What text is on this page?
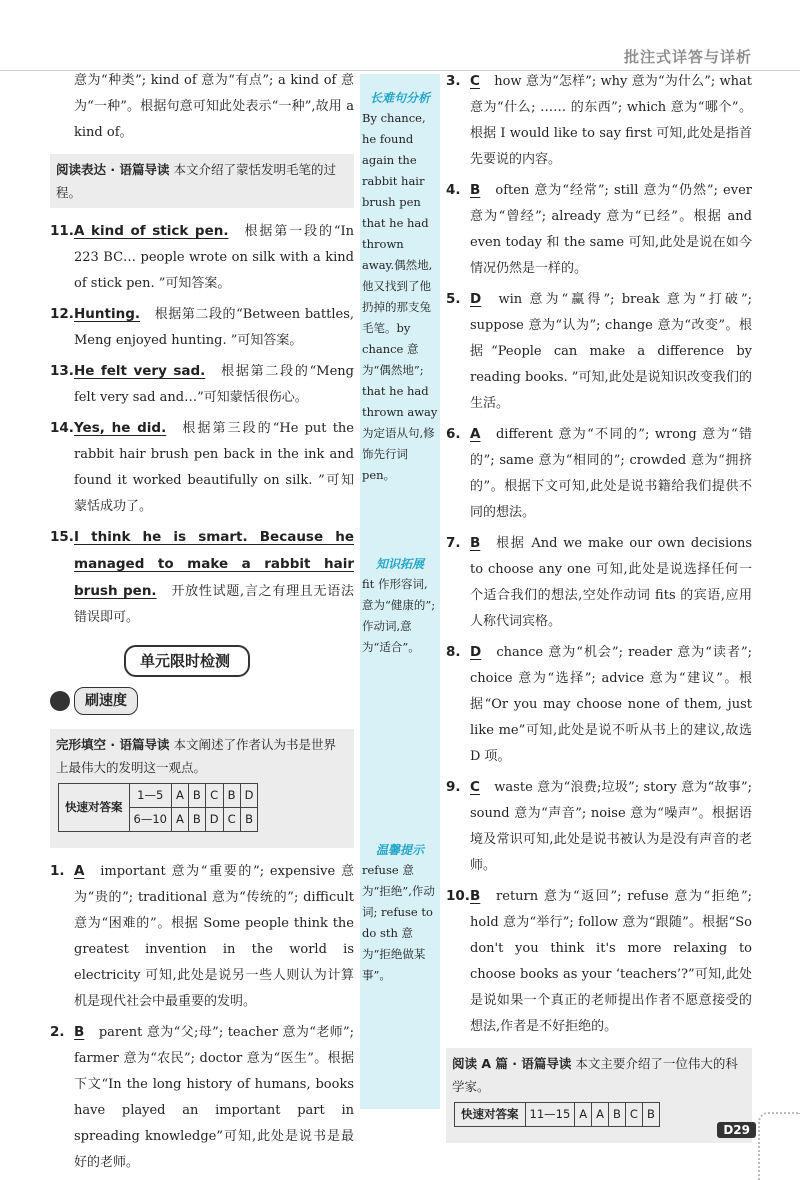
批注式详答与详析

意为“种类”; kind of 意为“有点”; a kind of 意为“一种”。根据句意可知此处表示“一种”,故用 a kind of。

阅读表达 · 语篇导读 本文介绍了蒙恬发明毛笔的过程。
11. A kind of stick pen. 根据第一段的“In 223 BC… people wrote on silk with a kind of stick pen. ”可知答案。
12. Hunting. 根据第二段的“Between battles, Meng enjoyed hunting. ”可知答案。
13. He felt very sad. 根据第二段的“Meng felt very sad and…”可知蒙恬很伤心。
14. Yes, he did. 根据第三段的“He put the rabbit hair brush pen back in the ink and found it worked beautifully on silk. ”可知蒙恬成功了。
15. I think he is smart. Because he managed to make a rabbit hair brush pen. 开放性试题,言之有理且无语法错误即可。
单元限时检测
刷速度
完形填空 · 语篇导读 本文阐述了作者认为书是世界上最伟大的发明这一观点。
快速对答案	1—5	A	B	C	B	D
	6—10	A	B	D	C	B
1. A important 意为“重要的”; expensive 意为“贵的”; traditional 意为“传统的”; difficult 意为“困难的”。根据 Some people think the greatest invention in the world is electricity 可知,此处是说另一些人则认为计算机是现代社会中最重要的发明。
2. B parent 意为“父;母”; teacher 意为“老师”; farmer 意为“农民”; doctor 意为“医生”。根据下文“In the long history of humans, books have played an important part in spreading knowledge”可知,此处是说书是最好的老师。
长难句分析
By chance, he found again the rabbit hair brush pen that he had thrown away.偶然地,他又找到了他扔掉的那支兔毛笔。by chance 意为“偶然地”; that he had thrown away 为定语从句,修饰先行词 pen。
知识拓展
fit 作形容词,意为“健康的”;作动词,意为“适合”。
温馨提示
refuse 意为“拒绝”,作动词; refuse to do sth 意为“拒绝做某事”。
3. C how 意为“怎样”; why 意为“为什么”; what 意为“什么; …… 的东西”; which 意为“哪个”。根据 I would like to say first 可知,此处是指首先要说的内容。
4. B often 意为“经常”; still 意为“仍然”; ever 意为“曾经”; already 意为“已经”。根据 and even today 和 the same 可知,此处是说在如今情况仍然是一样的。
5. D win 意为“赢得”; break 意为“打破”; suppose 意为“认为”; change 意为“改变”。根据“People can make a difference by reading books. ”可知,此处是说知识改变我们的生活。
6. A different 意为“不同的”; wrong 意为“错的”; same 意为“相同的”; crowded 意为“拥挤的”。根据下文可知,此处是说书籍给我们提供不同的想法。
7. B 根据 And we make our own decisions to choose any one 可知,此处是说选择任何一个适合我们的想法,空处作动词 fits 的宾语,应用人称代词宾格。
8. D chance 意为“机会”; reader 意为“读者”; choice 意为“选择”; advice 意为“建议”。根据“Or you may choose none of them, just like me”可知,此处是说不听从书上的建议,故选 D 项。
9. C waste 意为“浪费;垃圾”; story 意为“故事”; sound 意为“声音”; noise 意为“噪声”。根据语境及常识可知,此处是说书被认为是没有声音的老师。
10. B return 意为“返回”; refuse 意为“拒绝”; hold 意为“举行”; follow 意为“跟随”。根据“So don't you think it's more relaxing to choose books as your ‘teachers’?”可知,此处是说如果一个真正的老师提出作者不愿意接受的想法,作者是不好拒绝的。
阅读 A 篇 · 语篇导读 本文主要介绍了一位伟大的科学家。
快速对答案	11—15	A	A	B	C	B
D29
